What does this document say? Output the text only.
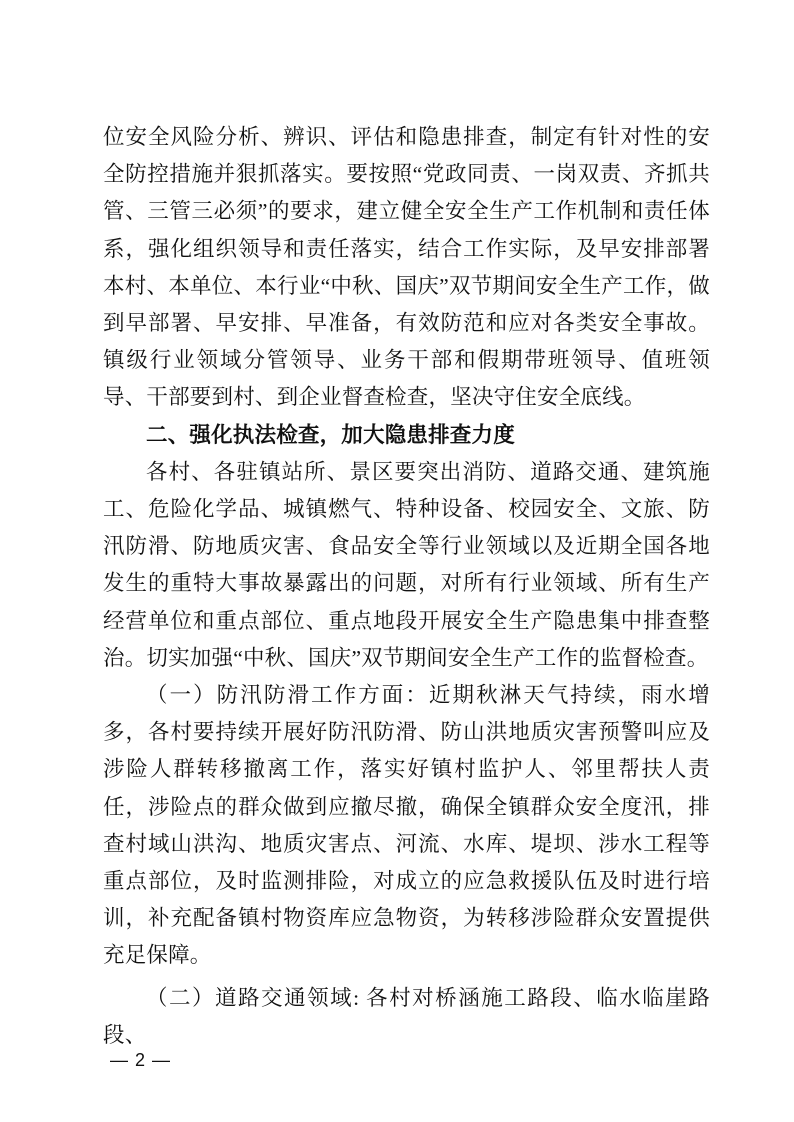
位安全风险分析、辨识、评估和隐患排查，制定有针对性的安全防控措施并狠抓落实。要按照“党政同责、一岗双责、齐抓共管、三管三必须”的要求，建立健全安全生产工作机制和责任体系，强化组织领导和责任落实，结合工作实际，及早安排部署本村、本单位、本行业“中秋、国庆”双节期间安全生产工作，做到早部署、早安排、早准备，有效防范和应对各类安全事故。镇级行业领域分管领导、业务干部和假期带班领导、值班领导、干部要到村、到企业督查检查，坚决守住安全底线。

二、强化执法检查，加大隐患排查力度

各村、各驻镇站所、景区要突出消防、道路交通、建筑施工、危险化学品、城镇燃气、特种设备、校园安全、文旅、防汛防滑、防地质灾害、食品安全等行业领域以及近期全国各地发生的重特大事故暴露出的问题，对所有行业领域、所有生产经营单位和重点部位、重点地段开展安全生产隐患集中排查整治。切实加强“中秋、国庆”双节期间安全生产工作的监督检查。

（一）防汛防滑工作方面：近期秋淋天气持续，雨水增多，各村要持续开展好防汛防滑、防山洪地质灾害预警叫应及涉险人群转移撤离工作，落实好镇村监护人、邻里帮扶人责任，涉险点的群众做到应撤尽撤，确保全镇群众安全度汛，排查村域山洪沟、地质灾害点、河流、水库、堤坝、涉水工程等重点部位，及时监测排险，对成立的应急救援队伍及时进行培训，补充配备镇村物资库应急物资，为转移涉险群众安置提供充足保障。

（二）道路交通领域: 各村对桥涵施工路段、临水临崖路段、

— 2 —
